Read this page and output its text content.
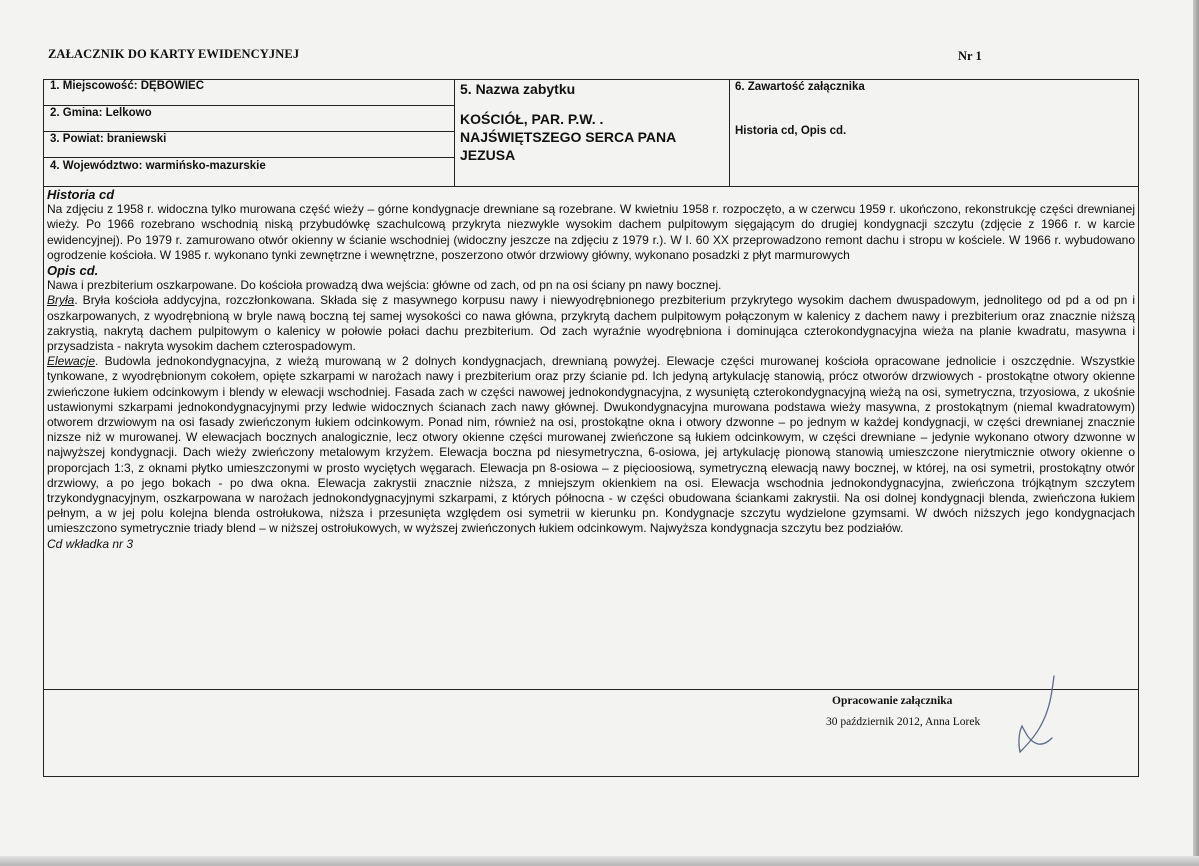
ZAŁACZNIK DO KARTY EWIDENCYJNEJ	Nr 1
1. Miejscowość: DĘBOWIEC
2. Gmina: Lelkowo
3. Powiat: braniewski
4. Województwo: warmińsko-mazurskie
5. Nazwa zabytku
KOŚCIÓŁ, PAR. P.W. . NAJŚWIĘTSZEGO SERCA PANA JEZUSA
6. Zawartość załącznika
Historia cd, Opis cd.

Historia cd

Na zdjęciu z 1958 r. widoczna tylko murowana część wieży – górne kondygnacje drewniane są rozebrane. W kwietniu 1958 r. rozpoczęto, a w czerwcu 1959 r. ukończono, rekonstrukcję części drewnianej wieży. Po 1966 rozebrano wschodnią niską przybudówkę szachulcową przykryta niezwykle wysokim dachem pulpitowym sięgającym do drugiej kondygnacji szczytu (zdjęcie z 1966 r. w karcie ewidencyjnej). Po 1979 r. zamurowano otwór okienny w ścianie wschodniej (widoczny jeszcze na zdjęciu z 1979 r.). W I. 60 XX przeprowadzono remont dachu i stropu w kościele. W 1966 r. wybudowano ogrodzenie kościoła. W 1985 r. wykonano tynki zewnętrzne i wewnętrzne, poszerzono otwór drzwiowy główny, wykonano posadzki z płyt marmurowych

Opis cd.

Nawa i prezbiterium oszkarpowane. Do kościoła prowadzą dwa wejścia: główne od zach, od pn na osi ściany pn nawy bocznej.

Bryła. Bryła kościoła addycyjna, rozczłonkowana. Składa się z masywnego korpusu nawy i niewyodrębnionego prezbiterium przykrytego wysokim dachem dwuspadowym, jednolitego od pd a od pn i oszkarpowanych, z wyodrębnioną w bryle nawą boczną tej samej wysokości co nawa główna, przykrytą dachem pulpitowym połączonym w kalenicy z dachem nawy i prezbiterium oraz znacznie niższą zakrystią, nakrytą dachem pulpitowym o kalenicy w połowie połaci dachu prezbiterium. Od zach wyraźnie wyodrębniona i dominująca czterokondygnacyjna wieża na planie kwadratu, masywna i przysadzista - nakryta wysokim dachem czterospadowym.

Elewacje. Budowla jednokondygnacyjna, z wieżą murowaną w 2 dolnych kondygnacjach, drewnianą powyżej. Elewacje części murowanej kościoła opracowane jednolicie i oszczędnie. Wszystkie tynkowane, z wyodrębnionym cokołem, opięte szkarpami w narożach nawy i prezbiterium oraz przy ścianie pd. Ich jedyną artykulację stanowią, prócz otworów drzwiowych - prostokątne otwory okienne zwieńczone łukiem odcinkowym i blendy w elewacji wschodniej. Fasada zach w części nawowej jednokondygnacyjna, z wysuniętą czterokondygnacyjną wieżą na osi, symetryczna, trzyosiowa, z ukośnie ustawionymi szkarpami jednokondygnacyjnymi przy ledwie widocznych ścianach zach nawy głównej. Dwukondygnacyjna murowana podstawa wieży masywna, z prostokątnym (niemal kwadratowym) otworem drzwiowym na osi fasady zwieńczonym łukiem odcinkowym. Ponad nim, również na osi, prostokątne okna i otwory dzwonne – po jednym w każdej kondygnacji, w części drewnianej znacznie nizsze niż w murowanej. W elewacjach bocznych analogicznie, lecz otwory okienne części murowanej zwieńczone są łukiem odcinkowym, w części drewniane – jedynie wykonano otwory dzwonne w najwyższej kondygnacji. Dach wieży zwieńczony metalowym krzyżem. Elewacja boczna pd niesymetryczna, 6-osiowa, jej artykulację pionową stanowią umieszczone nierytmicznie otwory okienne o proporcjach 1:3, z oknami płytko umieszczonymi w prosto wyciętych węgarach. Elewacja pn 8-osiowa – z pięcioosiową, symetryczną elewacją nawy bocznej, w której, na osi symetrii, prostokątny otwór drzwiowy, a po jego bokach - po dwa okna. Elewacja zakrystii znacznie niższa, z mniejszym okienkiem na osi. Elewacja wschodnia jednokondygnacyjna, zwieńczona trójkątnym szczytem trzykondygnacyjnym, oszkarpowana w narożach jednokondygnacyjnymi szkarpami, z których północna - w części obudowana ściankami zakrystii. Na osi dolnej kondygnacji blenda, zwieńczona łukiem pełnym, a w jej polu kolejna blenda ostrołukowa, niższa i przesunięta względem osi symetrii w kierunku pn. Kondygnacje szczytu wydzielone gzymsami. W dwóch niższych jego kondygnacjach umieszczono symetrycznie triady blend – w niższej ostrołukowych, w wyższej zwieńczonych łukiem odcinkowym. Najwyższa kondygnacja szczytu bez podziałów.

Cd wkładka nr 3

Opracowanie załącznika
30 październik 2012, Anna Lorek
